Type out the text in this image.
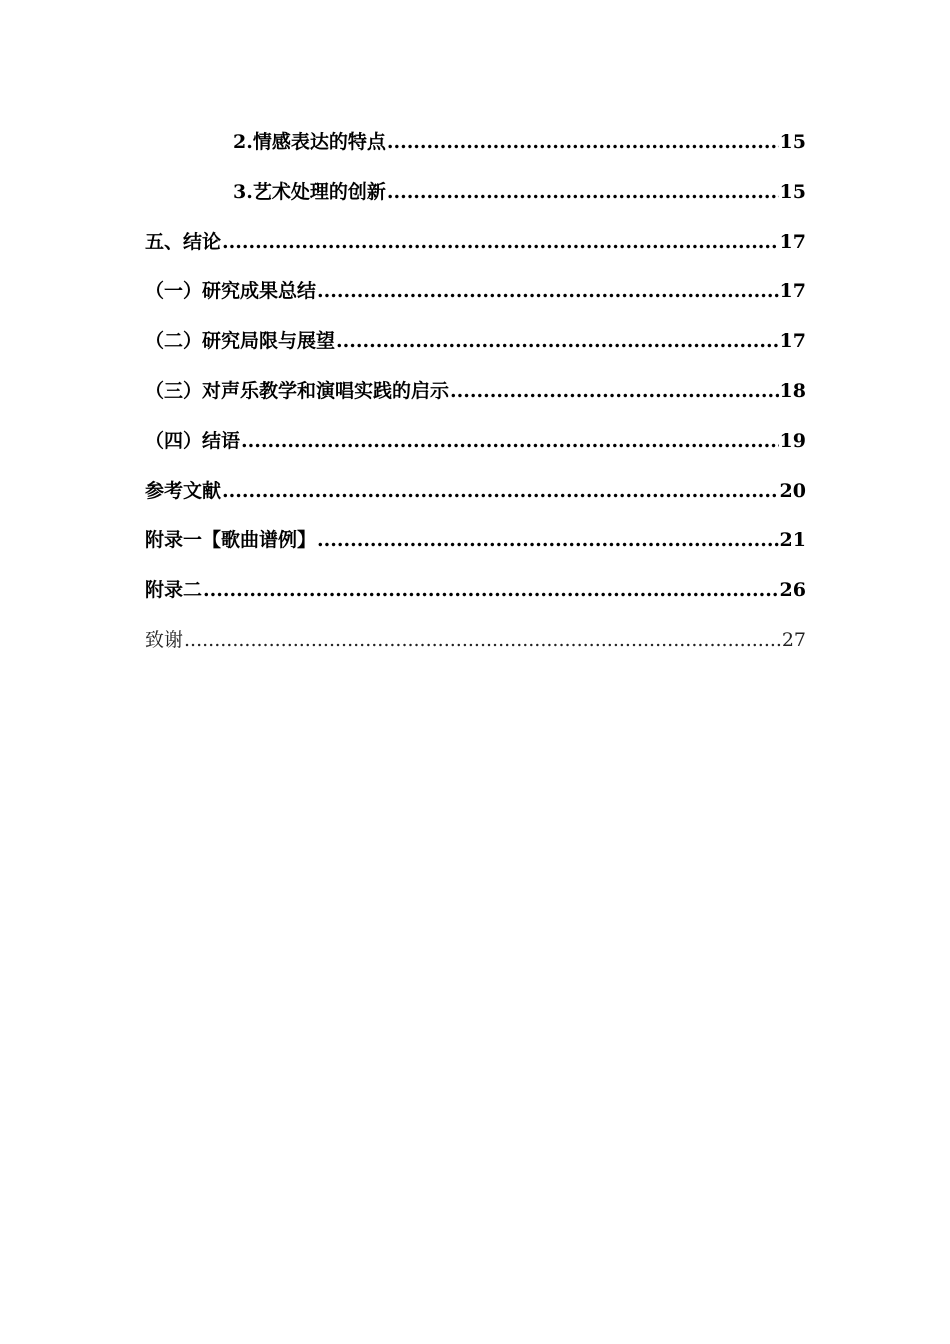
2.情感表达的特点 .....	15
3.艺术处理的创新 .....	15
五、结论 .....	17
（一）研究成果总结 .....	17
（二）研究局限与展望 .....	17
（三）对声乐教学和演唱实践的启示 .....	18
（四）结语 .....	19
参考文献 .....	20
附录一【歌曲谱例】 .....	21
附录二 .....	26
致谢 .....	27
